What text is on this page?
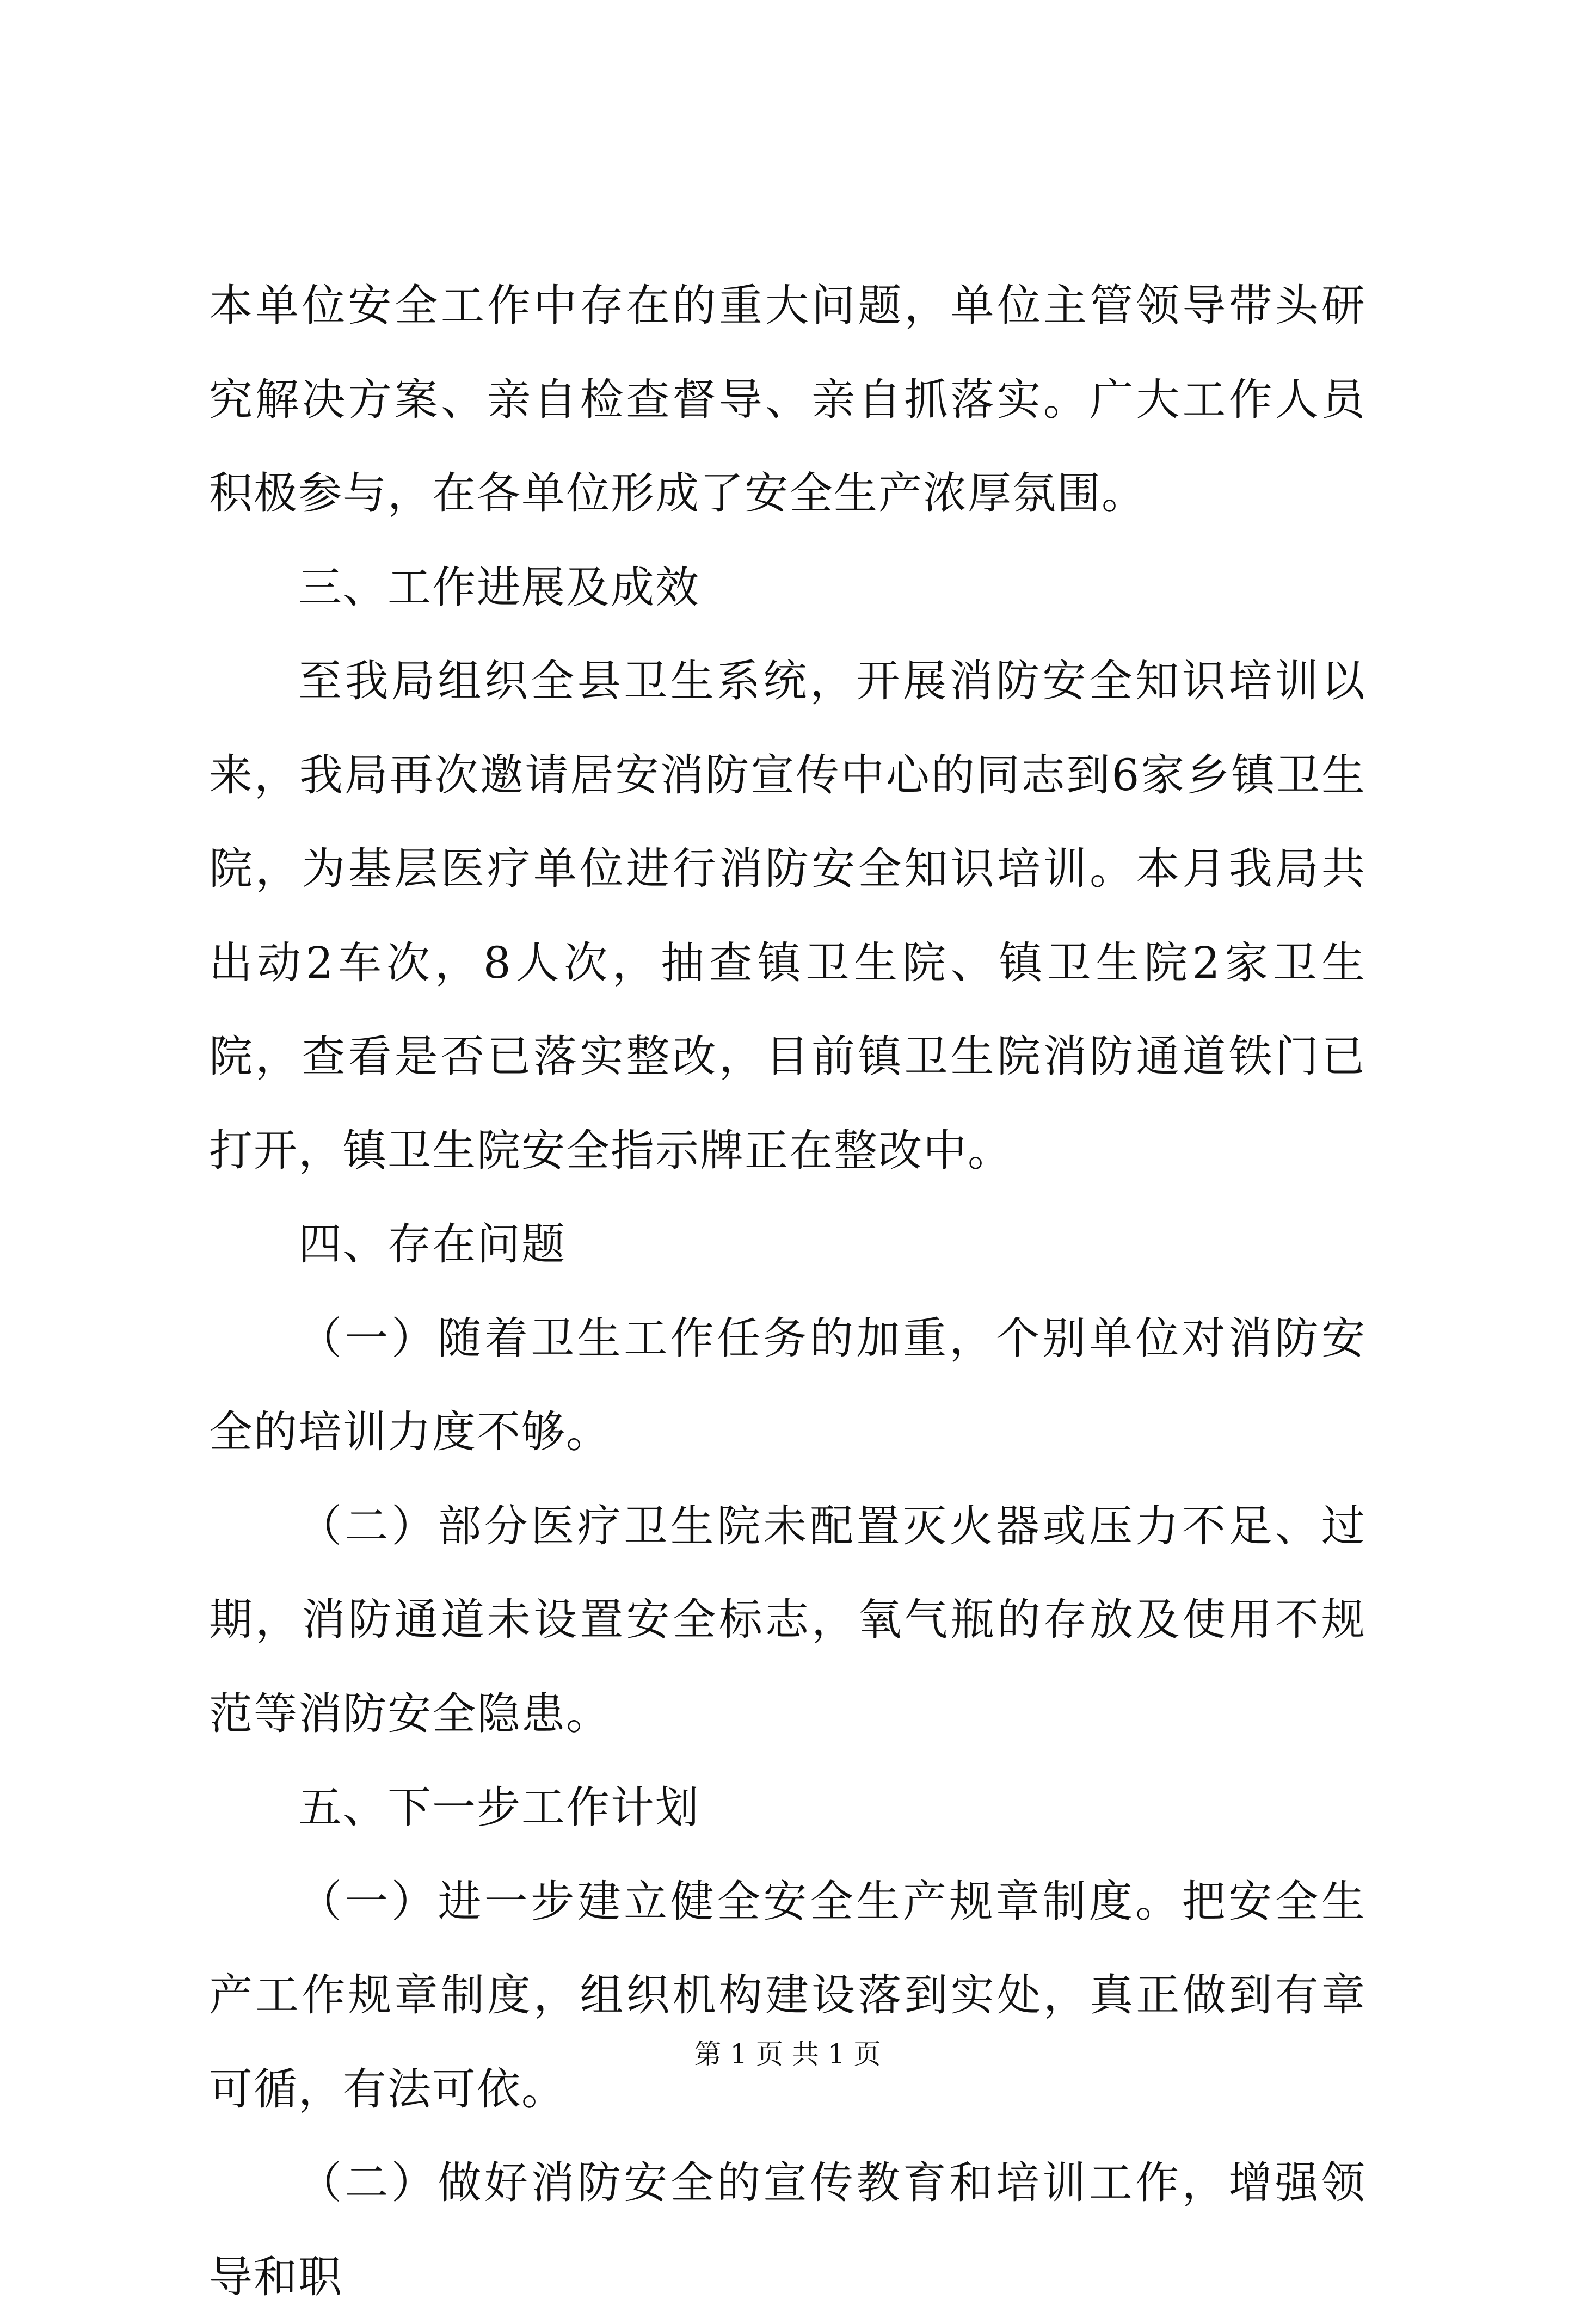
本单位安全工作中存在的重大问题，单位主管领导带头研究解决方案、亲自检查督导、亲自抓落实。广大工作人员积极参与，在各单位形成了安全生产浓厚氛围。

三、工作进展及成效

至我局组织全县卫生系统，开展消防安全知识培训以来，我局再次邀请居安消防宣传中心的同志到6家乡镇卫生院，为基层医疗单位进行消防安全知识培训。本月我局共出动2车次，8人次，抽查镇卫生院、镇卫生院2家卫生院，查看是否已落实整改，目前镇卫生院消防通道铁门已打开，镇卫生院安全指示牌正在整改中。

四、存在问题

（一）随着卫生工作任务的加重，个别单位对消防安全的培训力度不够。

（二）部分医疗卫生院未配置灭火器或压力不足、过期，消防通道未设置安全标志，氧气瓶的存放及使用不规范等消防安全隐患。

五、下一步工作计划

（一）进一步建立健全安全生产规章制度。把安全生产工作规章制度，组织机构建设落到实处，真正做到有章可循，有法可依。

（二）做好消防安全的宣传教育和培训工作，增强领导和职

第 1 页 共 1 页
